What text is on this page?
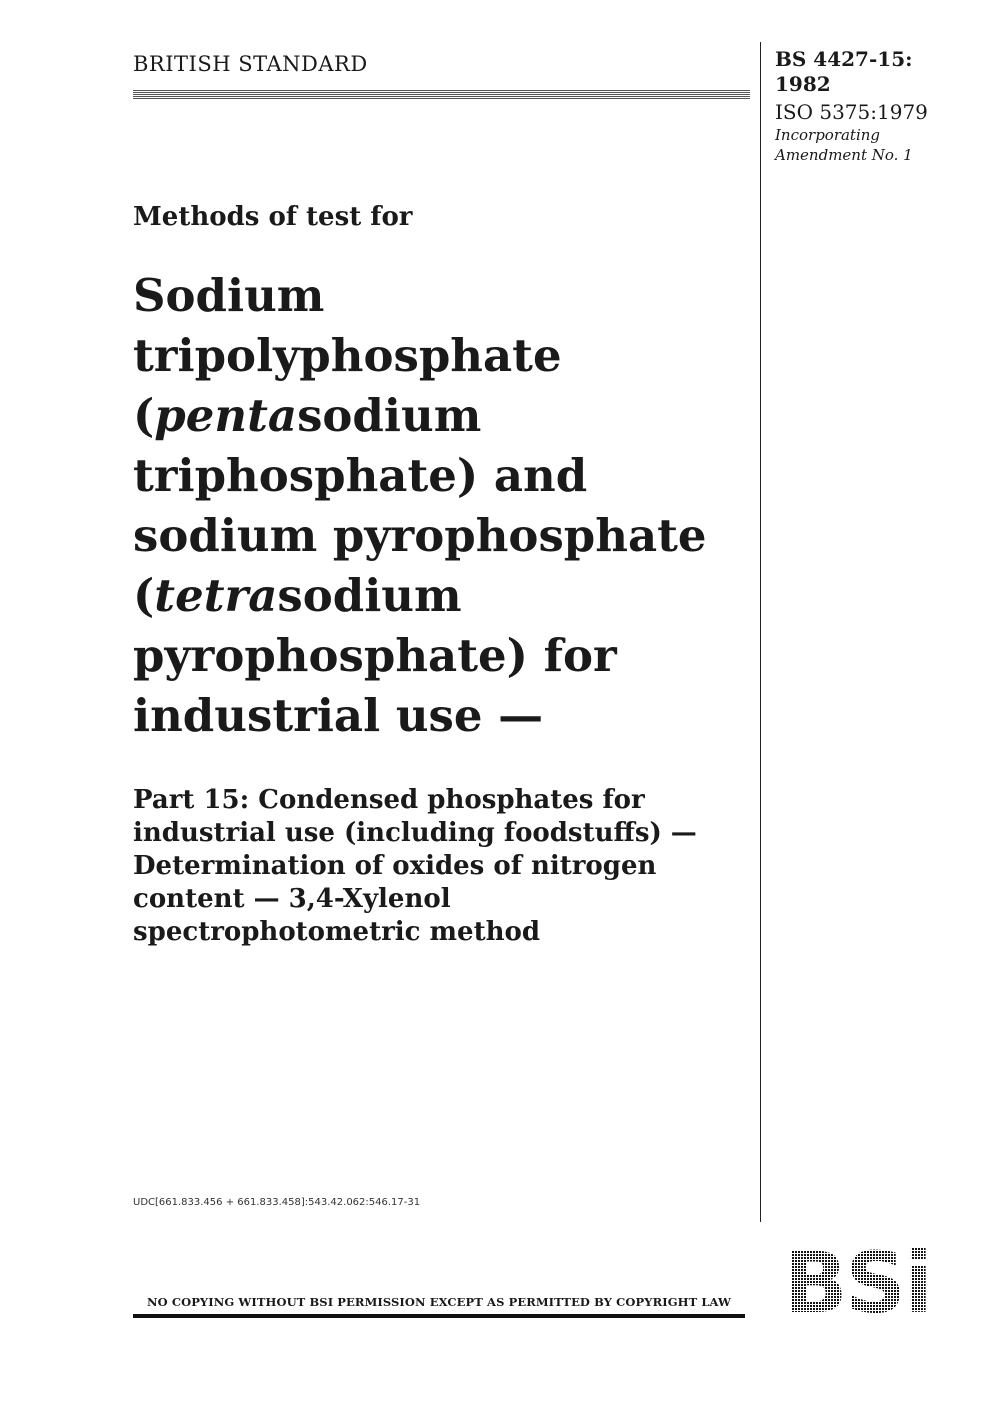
BRITISH STANDARD	BS 4427-15:
1982
ISO 5375:1979
Incorporating
Amendment No. 1
Methods of test for
Sodium
tripolyphosphate
(pentasodium
triphosphate) and
sodium pyrophosphate
(tetrasodium
pyrophosphate) for
industrial use —
Part 15: Condensed phosphates for
industrial use (including foodstuffs) —
Determination of oxides of nitrogen
content — 3,4-Xylenol
spectrophotometric method
UDC[661.833.456 + 661.833.458]:543.42.062:546.17-31
NO COPYING WITHOUT BSI PERMISSION EXCEPT AS PERMITTED BY COPYRIGHT LAW BSi
